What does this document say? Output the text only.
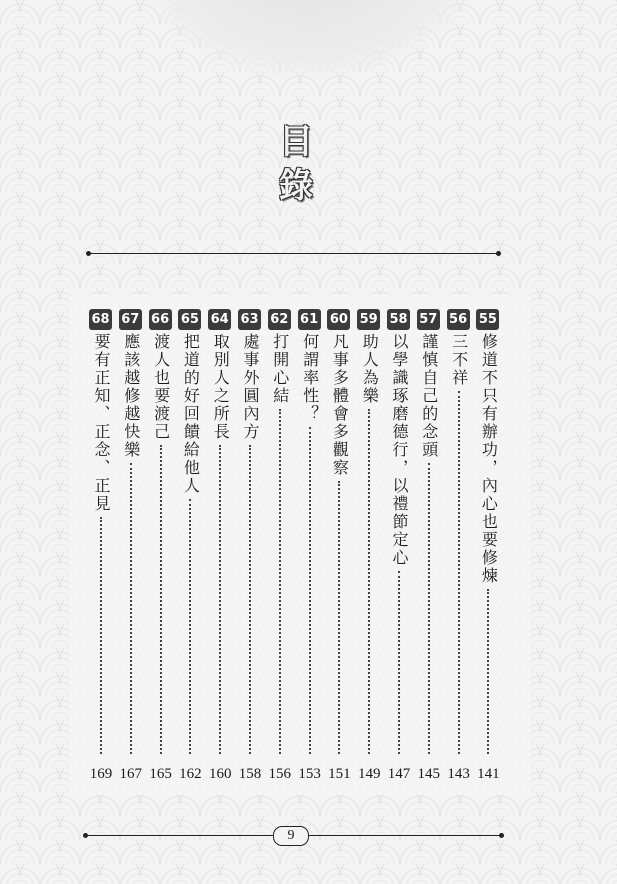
目
錄
55
修道不只有辦功，內心也要修煉
141
56
三不祥
143
57
謹慎自己的念頭
145
58
以學識琢磨德行，以禮節定心
147
59
助人為樂
149
60
凡事多體會多觀察
151
61
何謂率性？
153
62
打開心結
156
63
處事外圓內方
158
64
取別人之所長
160
65
把道的好回饋給他人
162
66
渡人也要渡己
165
67
應該越修越快樂
167
68
要有正知、正念、正見
169
9
